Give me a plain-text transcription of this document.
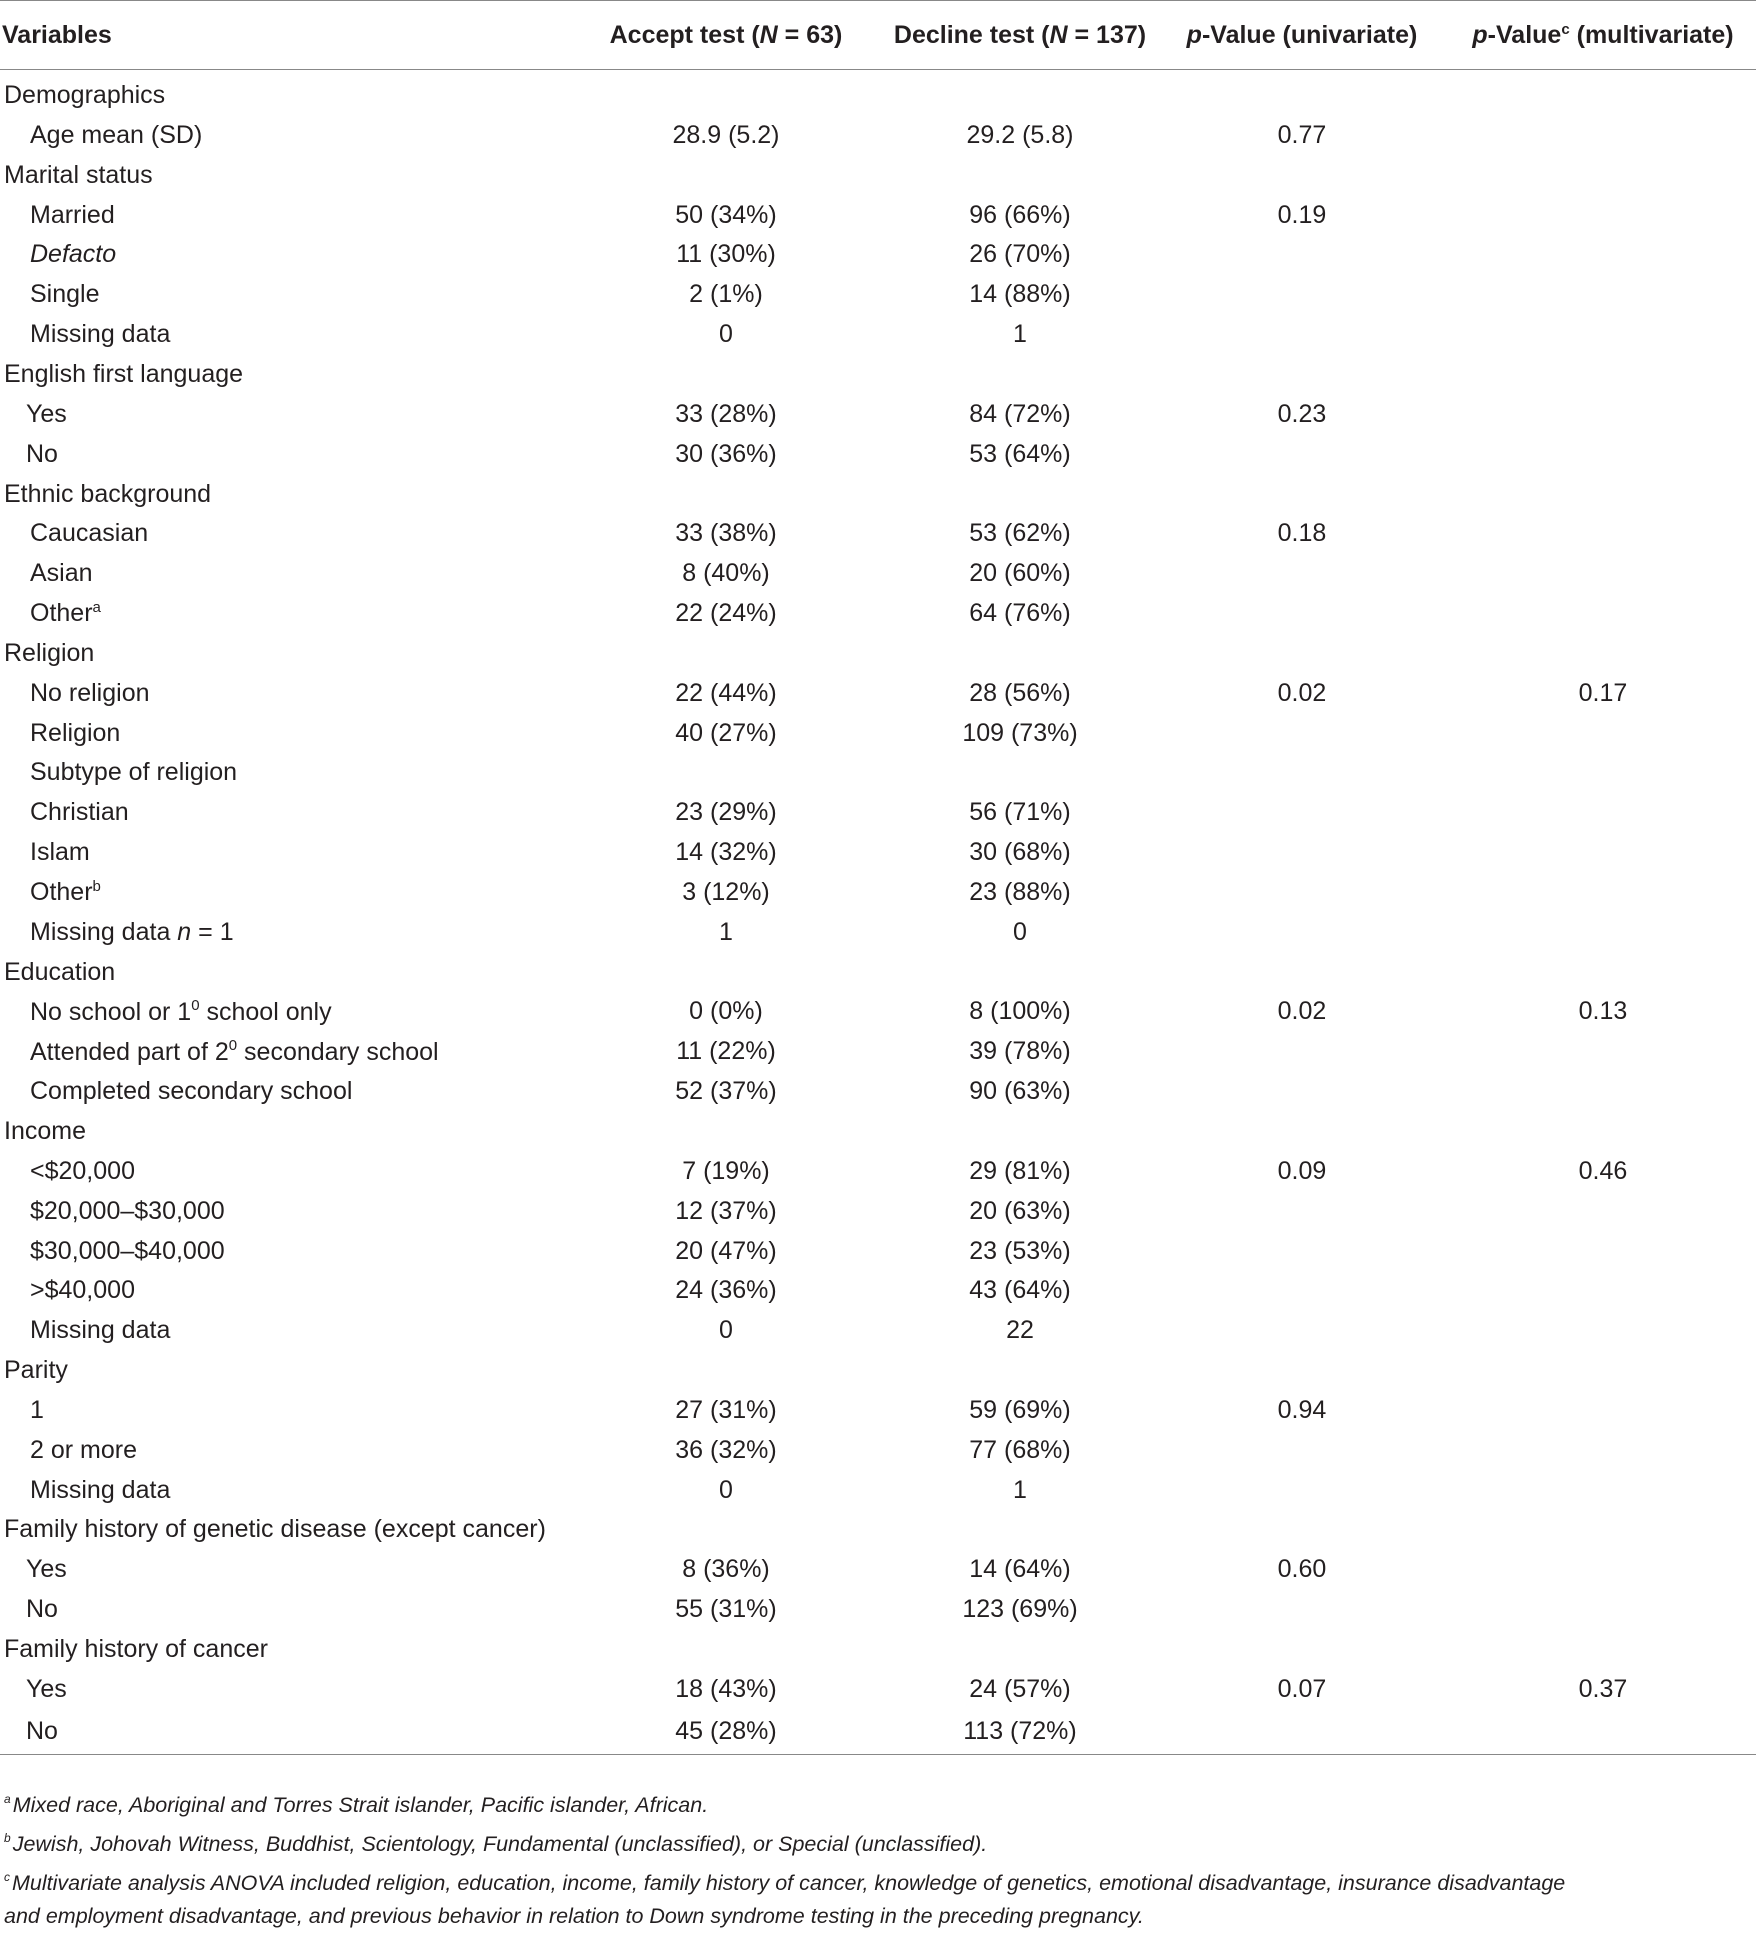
Variables	Accept test (N = 63)	Decline test (N = 137)	p-Value (univariate)	p-Value$^c$ (multivariate)
Demographics				
Age mean (SD)	28.9 (5.2)	29.2 (5.8)	0.77	
Marital status				
Married	50 (34%)	96 (66%)	0.19	
Defacto	11 (30%)	26 (70%)		
Single	2 (1%)	14 (88%)		
Missing data	0	1		
English first language				
Yes	33 (28%)	84 (72%)	0.23	
No	30 (36%)	53 (64%)		
Ethnic background				
Caucasian	33 (38%)	53 (62%)	0.18	
Asian	8 (40%)	20 (60%)		
Other$^a$	22 (24%)	64 (76%)		
Religion				
No religion	22 (44%)	28 (56%)	0.02	0.17
Religion	40 (27%)	109 (73%)		
Subtype of religion				
Christian	23 (29%)	56 (71%)		
Islam	14 (32%)	30 (68%)		
Other$^b$	3 (12%)	23 (88%)		
Missing data n = 1	1	0		
Education				
No school or $1^0$ school only	0 (0%)	8 (100%)	0.02	0.13
Attended part of $2^0$ secondary school	11 (22%)	39 (78%)		
Completed secondary school	52 (37%)	90 (63%)		
Income				
<$20,000	7 (19%)	29 (81%)	0.09	0.46
$20,000–$30,000	12 (37%)	20 (63%)		
$30,000–$40,000	20 (47%)	23 (53%)		
>$40,000	24 (36%)	43 (64%)		
Missing data	0	22		
Parity				
1	27 (31%)	59 (69%)	0.94	
2 or more	36 (32%)	77 (68%)		
Missing data	0	1		
Family history of genetic disease (except cancer)				
Yes	8 (36%)	14 (64%)	0.60	
No	55 (31%)	123 (69%)		
Family history of cancer				
Yes	18 (43%)	24 (57%)	0.07	0.37
No	45 (28%)	113 (72%)		

$^a$Mixed race, Aboriginal and Torres Strait islander, Pacific islander, African.

$^b$Jewish, Johovah Witness, Buddhist, Scientology, Fundamental (unclassified), or Special (unclassified).

$^c$Multivariate analysis ANOVA included religion, education, income, family history of cancer, knowledge of genetics, emotional disadvantage, insurance disadvantage

and employment disadvantage, and previous behavior in relation to Down syndrome testing in the preceding pregnancy.
